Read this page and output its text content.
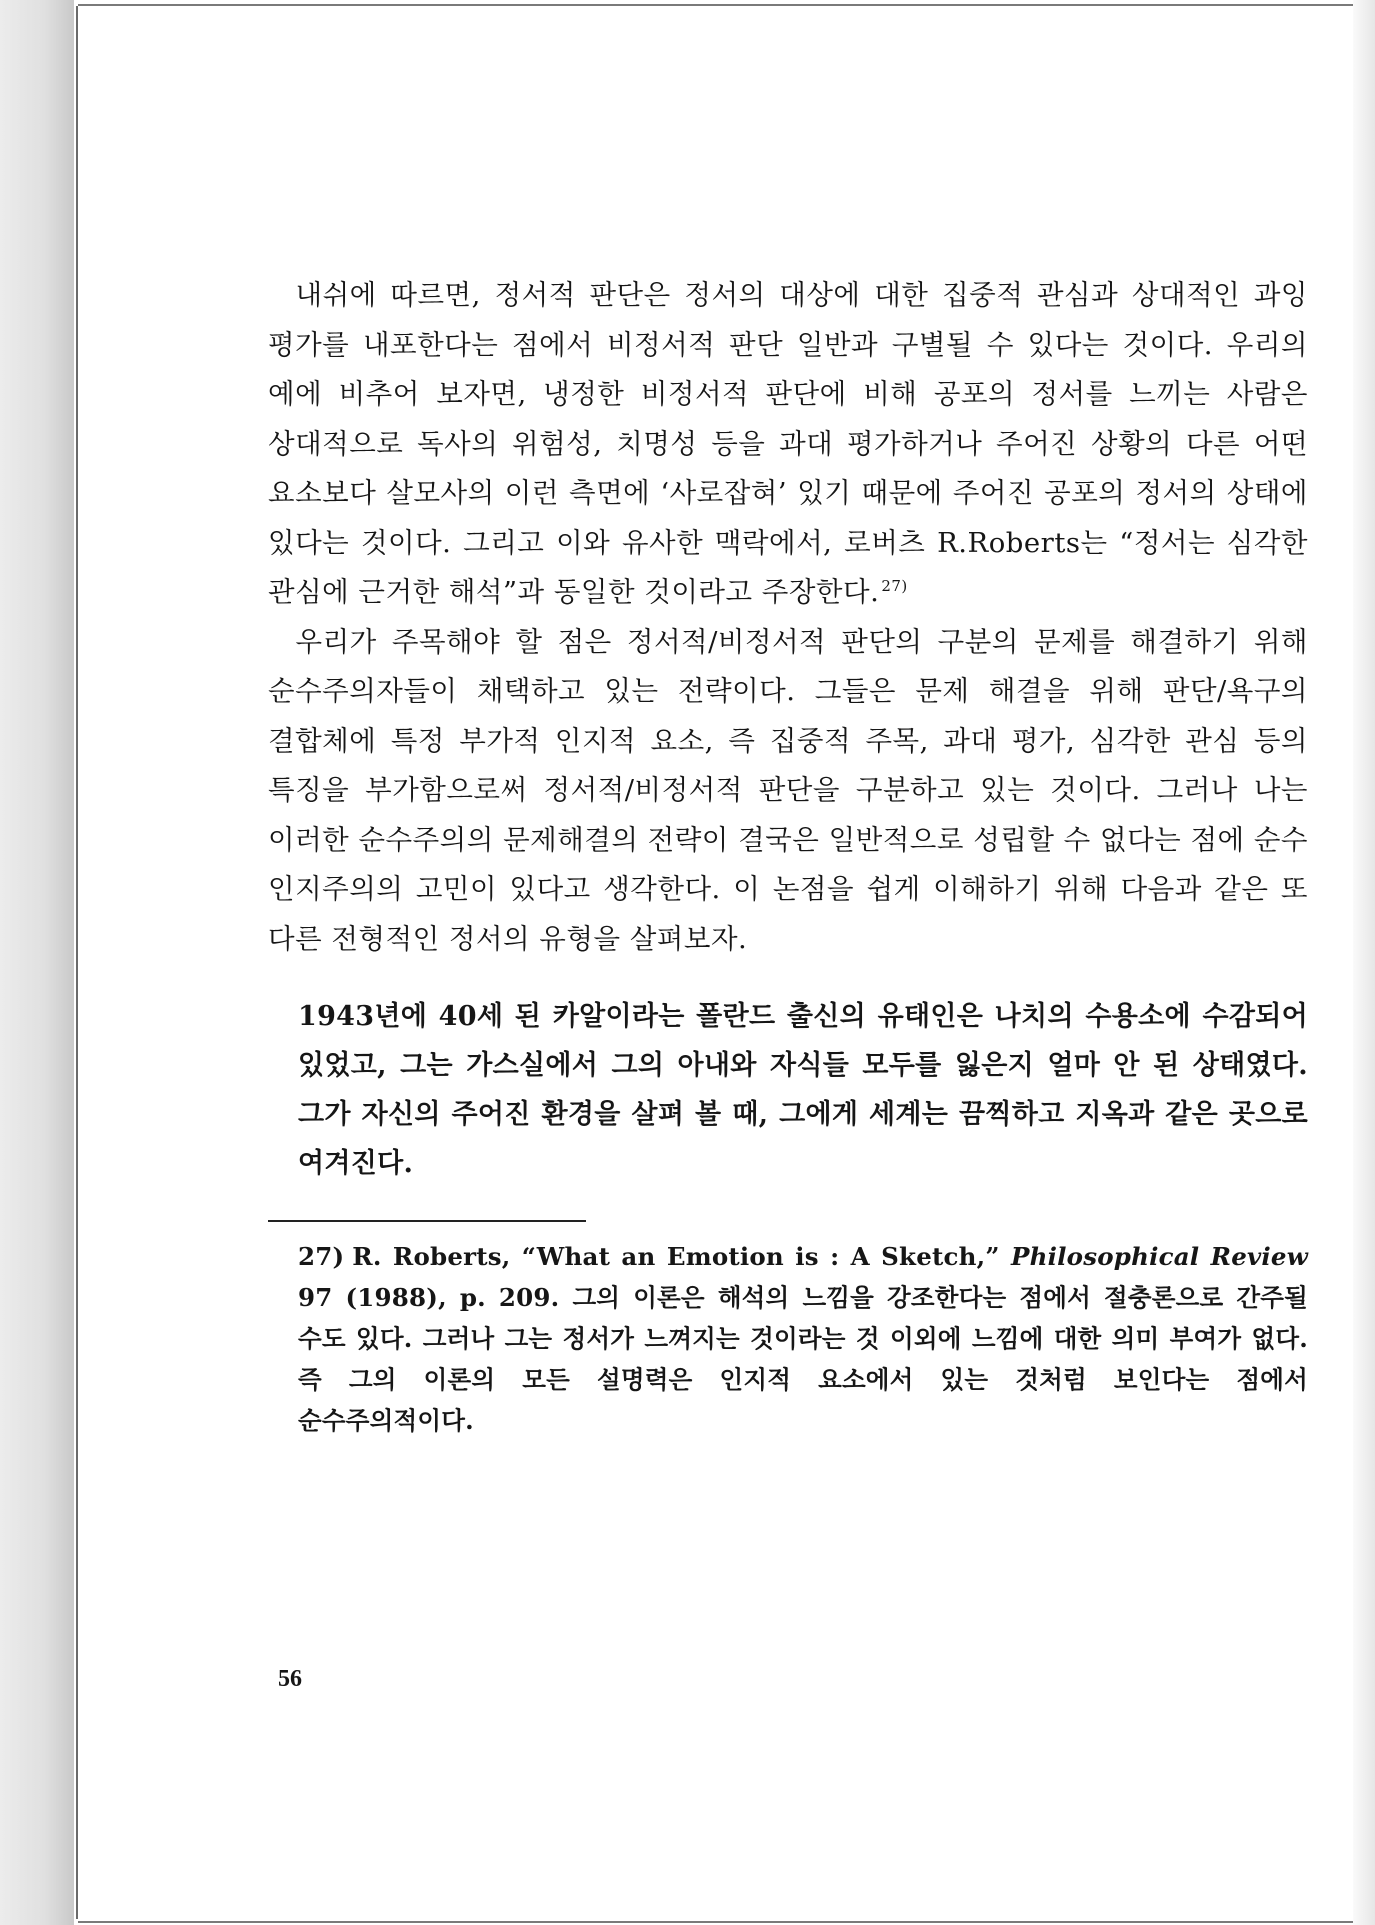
내쉬에 따르면, 정서적 판단은 정서의 대상에 대한 집중적 관심과 상대적인 과잉 평가를 내포한다는 점에서 비정서적 판단 일반과 구별될 수 있다는 것이다. 우리의 예에 비추어 보자면, 냉정한 비정서적 판단에 비해 공포의 정서를 느끼는 사람은 상대적으로 독사의 위험성, 치명성 등을 과대 평가하거나 주어진 상황의 다른 어떤 요소보다 살모사의 이런 측면에 ‘사로잡혀’ 있기 때문에 주어진 공포의 정서의 상태에 있다는 것이다. 그리고 이와 유사한 맥락에서, 로버츠 R.Roberts는 “정서는 심각한 관심에 근거한 해석”과 동일한 것이라고 주장한다. $^{27)}$

우리가 주목해야 할 점은 정서적/비정서적 판단의 구분의 문제를 해결하기 위해 순수주의자들이 채택하고 있는 전략이다. 그들은 문제 해결을 위해 판단/욕구의 결합체에 특정 부가적 인지적 요소, 즉 집중적 주목, 과대 평가, 심각한 관심 등의 특징을 부가함으로써 정서적/비정서적 판단을 구분하고 있는 것이다. 그러나 나는 이러한 순수주의의 문제해결의 전략이 결국은 일반적으로 성립할 수 없다는 점에 순수 인지주의의 고민이 있다고 생각한다. 이 논점을 쉽게 이해하기 위해 다음과 같은 또 다른 전형적인 정서의 유형을 살펴보자.

1943년에 40세 된 카알이라는 폴란드 출신의 유태인은 나치의 수용소에 수감되어 있었고, 그는 가스실에서 그의 아내와 자식들 모두를 잃은지 얼마 안 된 상태였다. 그가 자신의 주어진 환경을 살펴 볼 때, 그에게 세계는 끔찍하고 지옥과 같은 곳으로 여겨진다.
27) R. Roberts, “What an Emotion is : A Sketch,” Philosophical Review 97 (1988), p. 209. 그의 이론은 해석의 느낌을 강조한다는 점에서 절충론으로 간주될 수도 있다. 그러나 그는 정서가 느껴지는 것이라는 것 이외에 느낌에 대한 의미 부여가 없다. 즉 그의 이론의 모든 설명력은 인지적 요소에서 있는 것처럼 보인다는 점에서 순수주의적이다.
56
